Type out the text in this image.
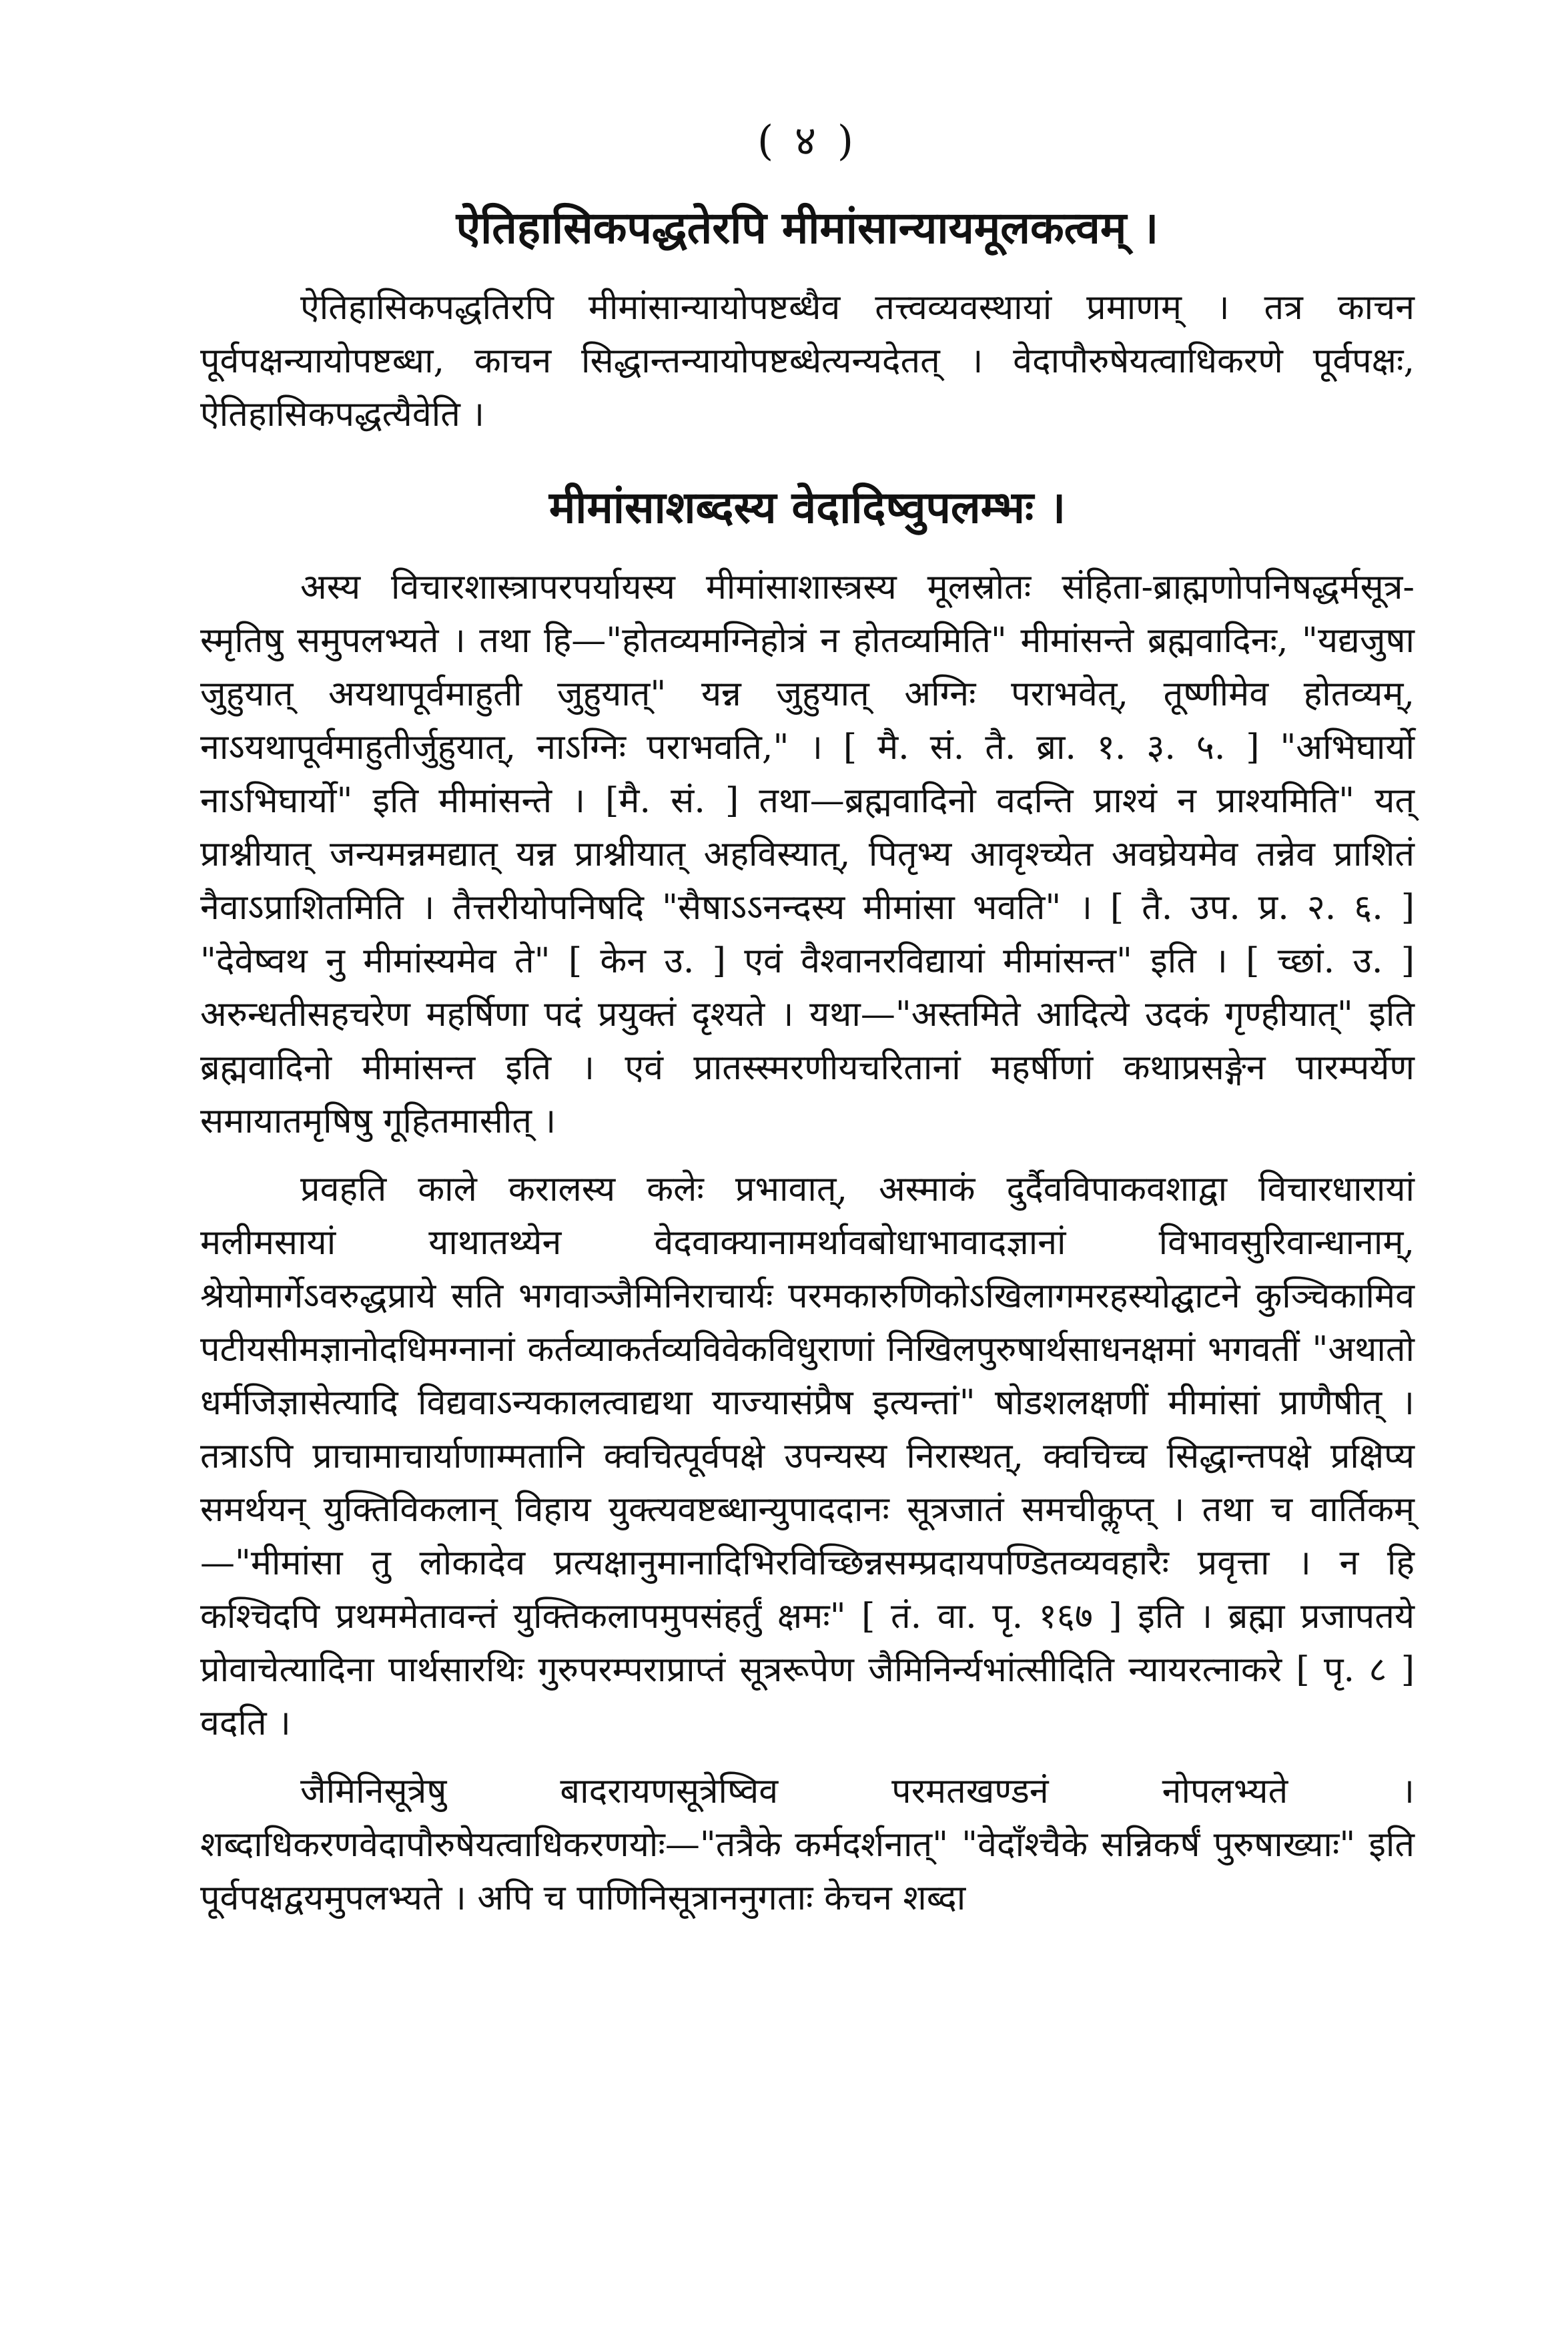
( ४ )
ऐतिहासिकपद्धतेरपि मीमांसान्यायमूलकत्वम् ।

ऐतिहासिकपद्धतिरपि मीमांसान्यायोपष्टब्धैव तत्त्वव्यवस्थायां प्रमाणम् । तत्र काचन पूर्वपक्षन्यायोपष्टब्धा, काचन सिद्धान्तन्यायोपष्टब्धेत्यन्यदेतत् । वेदापौरुषेयत्वाधिकरणे पूर्वपक्षः, ऐतिहासिकपद्धत्यैवेति ।

मीमांसाशब्दस्य वेदादिष्वुपलम्भः ।

अस्य विचारशास्त्रापरपर्यायस्य मीमांसाशास्त्रस्य मूलस्रोतः संहिता-ब्राह्मणोपनिषद्धर्मसूत्र-स्मृतिषु समुपलभ्यते । तथा हि—"होतव्यमग्निहोत्रं न होतव्यमिति" मीमांसन्ते ब्रह्मवादिनः, "यद्यजुषा जुहुयात् अयथापूर्वमाहुती जुहुयात्" यन्न जुहुयात् अग्निः पराभवेत्, तूष्णीमेव होतव्यम्, नाऽयथापूर्वमाहुतीर्जुहुयात्, नाऽग्निः पराभवति," । [ मै. सं. तै. ब्रा. १. ३. ५. ] "अभिघार्यो नाऽभिघार्यो" इति मीमांसन्ते । [मै. सं. ] तथा—ब्रह्मवादिनो वदन्ति प्राश्यं न प्राश्यमिति" यत् प्राश्नीयात् जन्यमन्नमद्यात् यन्न प्राश्नीयात् अहविस्यात्, पितृभ्य आवृश्च्येत अवघ्रेयमेव तन्नेव प्राशितं नैवाऽप्राशितमिति । तैत्तरीयोपनिषदि "सैषाऽऽनन्दस्य मीमांसा भवति" । [ तै. उप. प्र. २. ६. ] "देवेष्वथ नु मीमांस्यमेव ते" [ केन उ. ] एवं वैश्वानरविद्यायां मीमांसन्त" इति । [ च्छां. उ. ] अरुन्धतीसहचरेण महर्षिणा पदं प्रयुक्तं दृश्यते । यथा—"अस्तमिते आदित्ये उदकं गृण्हीयात्" इति ब्रह्मवादिनो मीमांसन्त इति । एवं प्रातस्स्मरणीयचरितानां महर्षीणां कथाप्रसङ्गेन पारम्पर्येण समायातमृषिषु गूहितमासीत् ।

प्रवहति काले करालस्य कलेः प्रभावात्, अस्माकं दुर्दैवविपाकवशाद्वा विचारधारायां मलीमसायां याथातथ्येन वेदवाक्यानामर्थावबोधाभावादज्ञानां विभावसुरिवान्धानाम्, श्रेयोमार्गेऽवरुद्धप्राये सति भगवाञ्जैमिनिराचार्यः परमकारुणिकोऽखिलागमरहस्योद्घाटने कुञ्चिकामिव पटीयसीमज्ञानोदधिमग्नानां कर्तव्याकर्तव्यविवेकविधुराणां निखिलपुरुषार्थसाधनक्षमां भगवतीं "अथातो धर्मजिज्ञासेत्यादि विद्यवाऽन्यकालत्वाद्यथा याज्यासंप्रैष इत्यन्तां" षोडशलक्षणीं मीमांसां प्राणैषीत् । तत्राऽपि प्राचामाचार्याणाम्मतानि क्वचित्पूर्वपक्षे उपन्यस्य निरास्थत्, क्वचिच्च सिद्धान्तपक्षे प्रक्षिप्य समर्थयन् युक्तिविकलान् विहाय युक्त्यवष्टब्धान्युपाददानः सूत्रजातं समचीकॢप्त् । तथा च वार्तिकम्—"मीमांसा तु लोकादेव प्रत्यक्षानुमानादिभिरविच्छिन्नसम्प्रदायपण्डितव्यवहारैः प्रवृत्ता । न हि कश्चिदपि प्रथममेतावन्तं युक्तिकलापमुपसंहर्तुं क्षमः" [ तं. वा. पृ. १६७ ] इति । ब्रह्मा प्रजापतये प्रोवाचेत्यादिना पार्थसारथिः गुरुपरम्पराप्राप्तं सूत्ररूपेण जैमिनिर्न्यभांत्सीदिति न्यायरत्नाकरे [ पृ. ८ ] वदति ।

जैमिनिसूत्रेषु बादरायणसूत्रेष्विव परमतखण्डनं नोपलभ्यते । शब्दाधिकरणवेदापौरुषेयत्वाधिकरणयोः—"तत्रैके कर्मदर्शनात्" "वेदाँश्चैके सन्निकर्षं पुरुषाख्याः" इति पूर्वपक्षद्वयमुपलभ्यते । अपि च पाणिनिसूत्राननुगताः केचन शब्दा
